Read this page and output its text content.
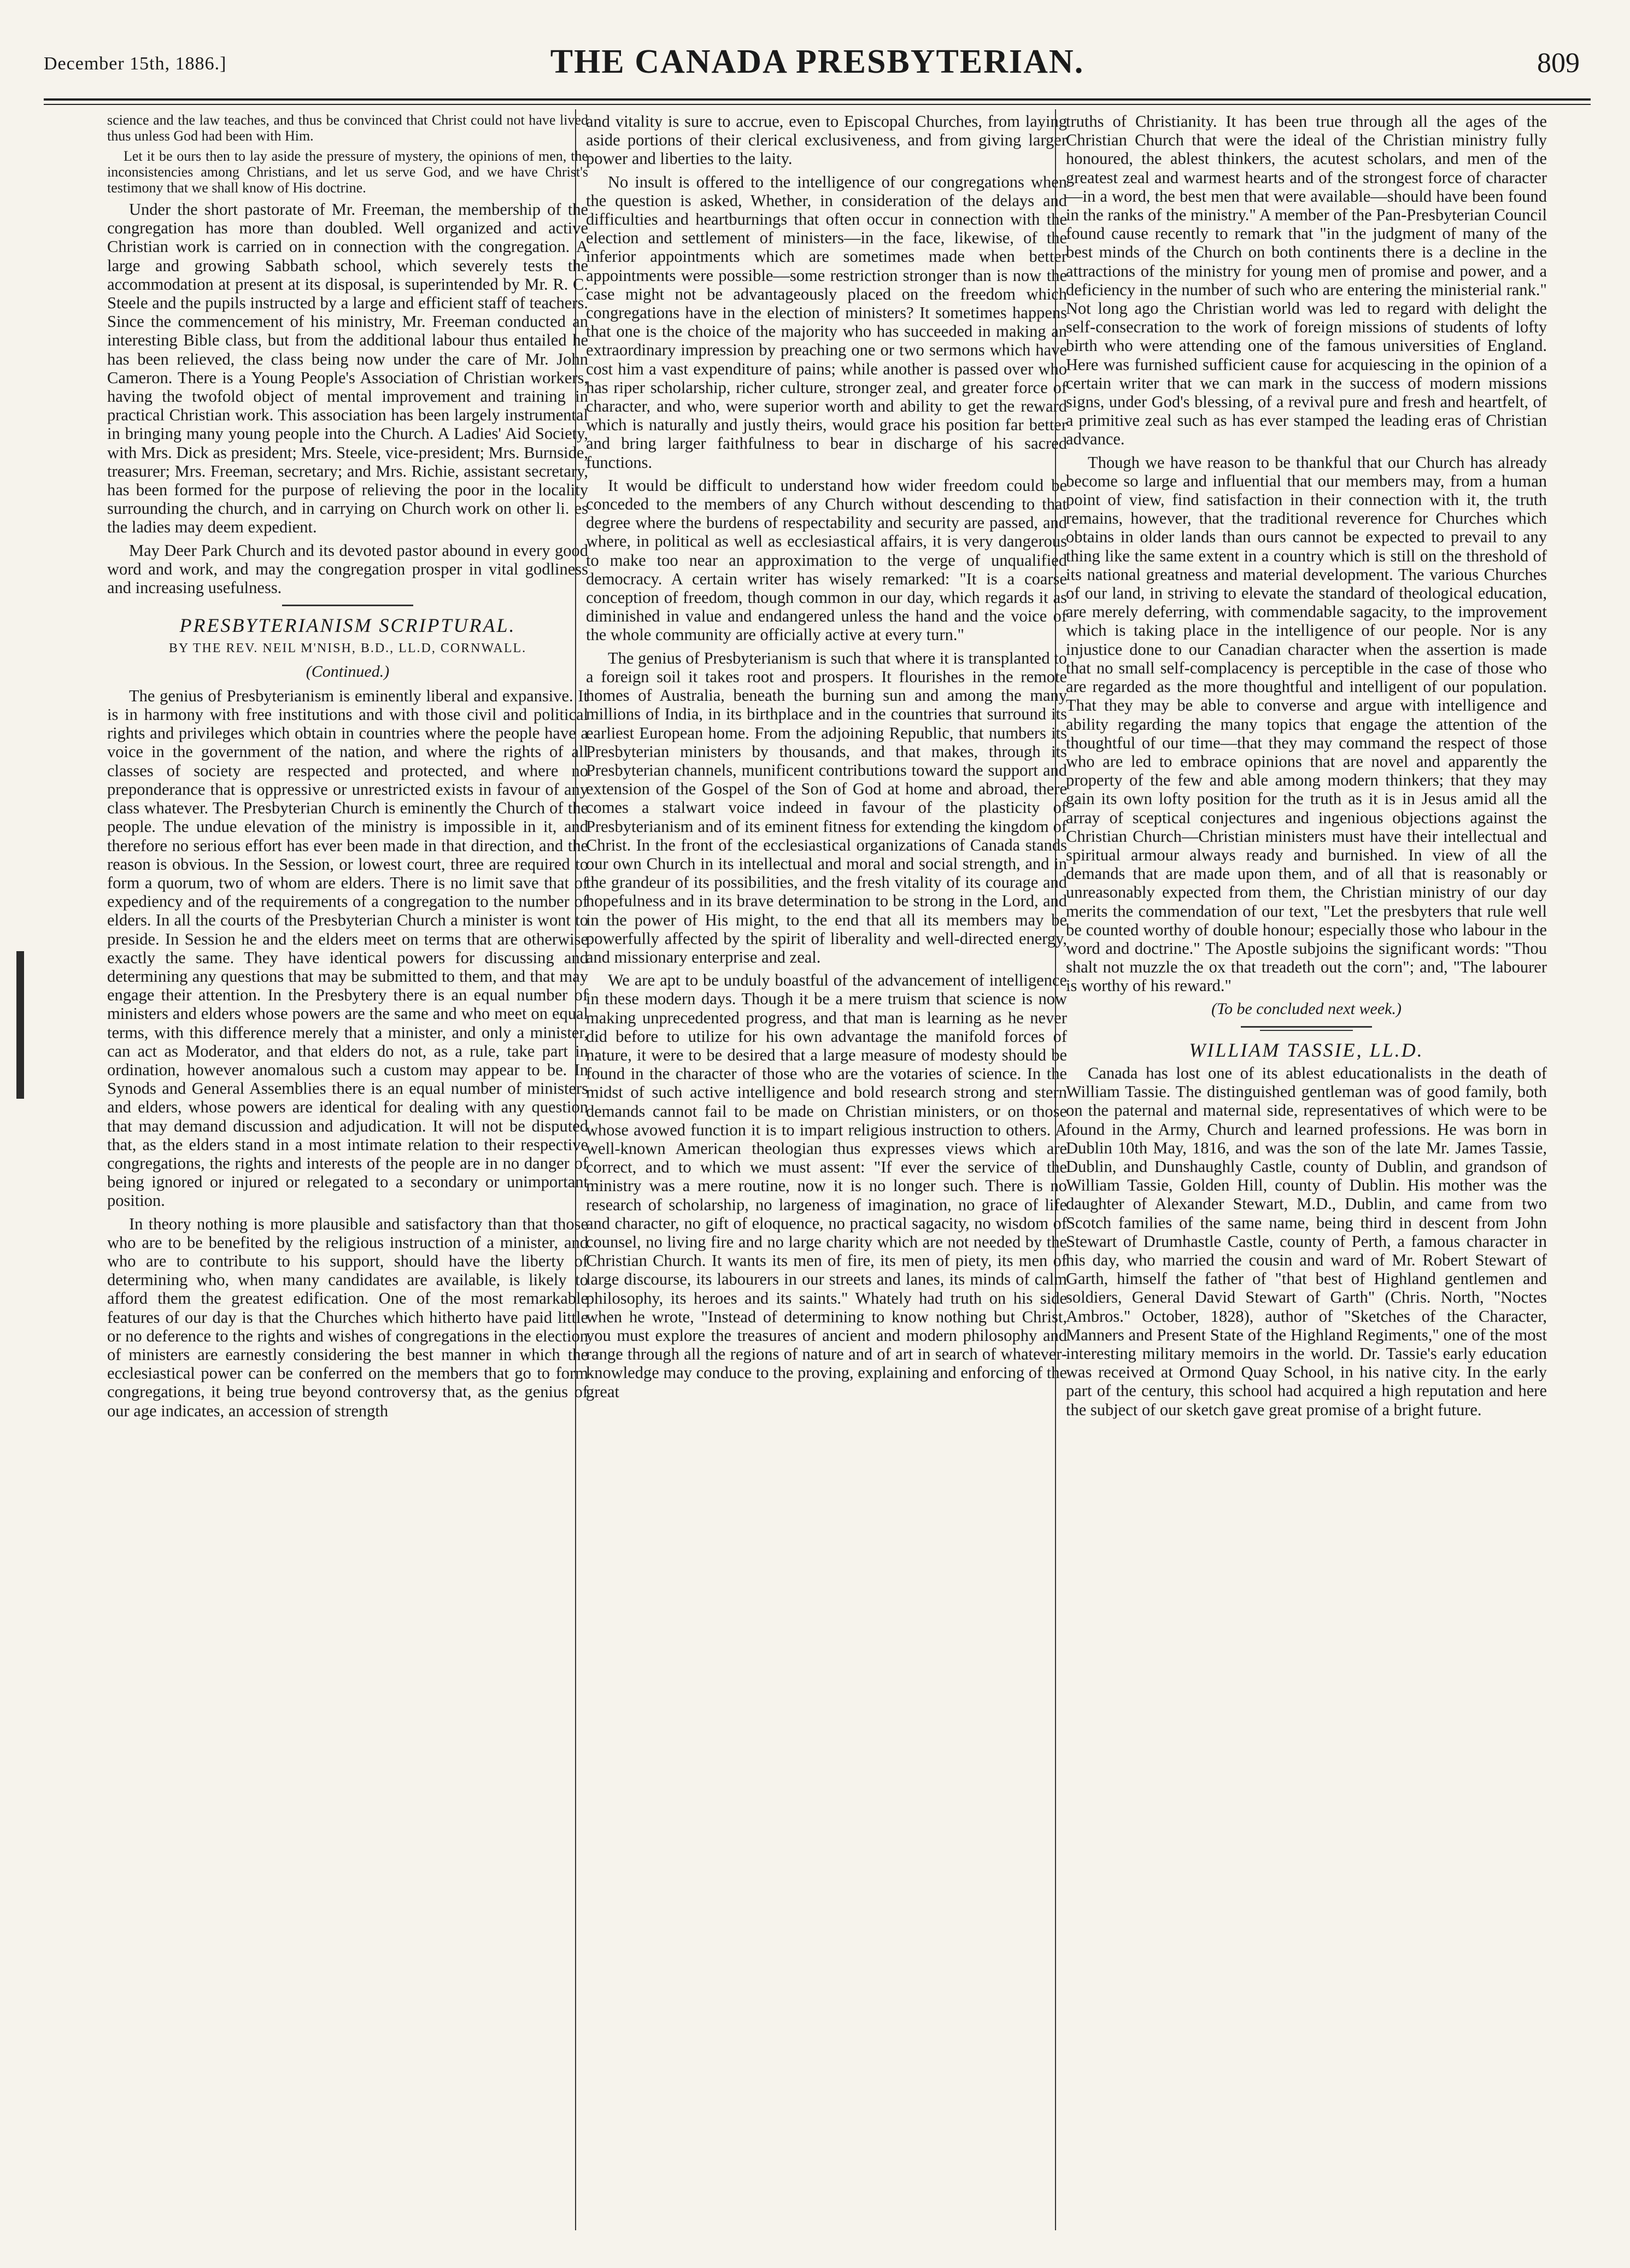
December 15th, 1886.]	THE CANADA PRESBYTERIAN.	809

science and the law teaches, and thus be convinced that Christ could not have lived thus unless God had been with Him.

Let it be ours then to lay aside the pressure of mystery, the opinions of men, the inconsistencies among Christians, and let us serve God, and we have Christ's testimony that we shall know of His doctrine.

Under the short pastorate of Mr. Freeman, the membership of the congregation has more than doubled. Well organized and active Christian work is carried on in connection with the congregation. A large and growing Sabbath school, which severely tests the accommodation at present at its disposal, is superintended by Mr. R. C. Steele and the pupils instructed by a large and efficient staff of teachers. Since the commencement of his ministry, Mr. Freeman conducted an interesting Bible class, but from the additional labour thus entailed he has been relieved, the class being now under the care of Mr. John Cameron. There is a Young People's Association of Christian workers, having the twofold object of mental improvement and training in practical Christian work. This association has been largely instrumental in bringing many young people into the Church. A Ladies' Aid Society, with Mrs. Dick as president; Mrs. Steele, vice-president; Mrs. Burnside, treasurer; Mrs. Freeman, secretary; and Mrs. Richie, assistant secretary, has been formed for the purpose of relieving the poor in the locality surrounding the church, and in carrying on Church work on other li. es the ladies may deem expedient.

May Deer Park Church and its devoted pastor abound in every good word and work, and may the congregation prosper in vital godliness and increasing usefulness.

PRESBYTERIANISM SCRIPTURAL.
BY THE REV. NEIL M'NISH, B.D., LL.D, CORNWALL.
(Continued.)

The genius of Presbyterianism is eminently liberal and expansive. It is in harmony with free institutions and with those civil and political rights and privileges which obtain in countries where the people have a voice in the government of the nation, and where the rights of all classes of society are respected and protected, and where no preponderance that is oppressive or unrestricted exists in favour of any class whatever. The Presbyterian Church is eminently the Church of the people. The undue elevation of the ministry is impossible in it, and therefore no serious effort has ever been made in that direction, and the reason is obvious. In the Session, or lowest court, three are required to form a quorum, two of whom are elders. There is no limit save that of expediency and of the requirements of a congregation to the number of elders. In all the courts of the Presbyterian Church a minister is wont to preside. In Session he and the elders meet on terms that are otherwise exactly the same. They have identical powers for discussing and determining any questions that may be submitted to them, and that may engage their attention. In the Presbytery there is an equal number of ministers and elders whose powers are the same and who meet on equal terms, with this difference merely that a minister, and only a minister, can act as Moderator, and that elders do not, as a rule, take part in ordination, however anomalous such a custom may appear to be. In Synods and General Assemblies there is an equal number of ministers and elders, whose powers are identical for dealing with any question that may demand discussion and adjudication. It will not be disputed that, as the elders stand in a most intimate relation to their respective congregations, the rights and interests of the people are in no danger of being ignored or injured or relegated to a secondary or unimportant position.

In theory nothing is more plausible and satisfactory than that those who are to be benefited by the religious instruction of a minister, and who are to contribute to his support, should have the liberty of determining who, when many candidates are available, is likely to afford them the greatest edification. One of the most remarkable features of our day is that the Churches which hitherto have paid little or no deference to the rights and wishes of congregations in the election of ministers are earnestly considering the best manner in which the ecclesiastical power can be conferred on the members that go to form congregations, it being true beyond controversy that, as the genius of our age indicates, an accession of strength

and vitality is sure to accrue, even to Episcopal Churches, from laying aside portions of their clerical exclusiveness, and from giving larger power and liberties to the laity.

No insult is offered to the intelligence of our congregations when the question is asked, Whether, in consideration of the delays and difficulties and heartburnings that often occur in connection with the election and settlement of ministers—in the face, likewise, of the inferior appointments which are sometimes made when better appointments were possible—some restriction stronger than is now the case might not be advantageously placed on the freedom which congregations have in the election of ministers? It sometimes happens that one is the choice of the majority who has succeeded in making an extraordinary impression by preaching one or two sermons which have cost him a vast expenditure of pains; while another is passed over who has riper scholarship, richer culture, stronger zeal, and greater force of character, and who, were superior worth and ability to get the reward which is naturally and justly theirs, would grace his position far better and bring larger faithfulness to bear in discharge of his sacred functions.

It would be difficult to understand how wider freedom could be conceded to the members of any Church without descending to that degree where the burdens of respectability and security are passed, and where, in political as well as ecclesiastical affairs, it is very dangerous to make too near an approximation to the verge of unqualified democracy. A certain writer has wisely remarked: "It is a coarse conception of freedom, though common in our day, which regards it as diminished in value and endangered unless the hand and the voice of the whole community are officially active at every turn."

The genius of Presbyterianism is such that where it is transplanted to a foreign soil it takes root and prospers. It flourishes in the remote homes of Australia, beneath the burning sun and among the many millions of India, in its birthplace and in the countries that surround its earliest European home. From the adjoining Republic, that numbers its Presbyterian ministers by thousands, and that makes, through its Presbyterian channels, munificent contributions toward the support and extension of the Gospel of the Son of God at home and abroad, there comes a stalwart voice indeed in favour of the plasticity of Presbyterianism and of its eminent fitness for extending the kingdom of Christ. In the front of the ecclesiastical organizations of Canada stands our own Church in its intellectual and moral and social strength, and in the grandeur of its possibilities, and the fresh vitality of its courage and hopefulness and in its brave determination to be strong in the Lord, and in the power of His might, to the end that all its members may be powerfully affected by the spirit of liberality and well-directed energy, and missionary enterprise and zeal.

We are apt to be unduly boastful of the advancement of intelligence in these modern days. Though it be a mere truism that science is now making unprecedented progress, and that man is learning as he never did before to utilize for his own advantage the manifold forces of nature, it were to be desired that a large measure of modesty should be found in the character of those who are the votaries of science. In the midst of such active intelligence and bold research strong and stern demands cannot fail to be made on Christian ministers, or on those whose avowed function it is to impart religious instruction to others. A well-known American theologian thus expresses views which are correct, and to which we must assent: "If ever the service of the ministry was a mere routine, now it is no longer such. There is no research of scholarship, no largeness of imagination, no grace of life and character, no gift of eloquence, no practical sagacity, no wisdom of counsel, no living fire and no large charity which are not needed by the Christian Church. It wants its men of fire, its men of piety, its men of large discourse, its labourers in our streets and lanes, its minds of calm philosophy, its heroes and its saints." Whately had truth on his side when he wrote, "Instead of determining to know nothing but Christ, you must explore the treasures of ancient and modern philosophy and range through all the regions of nature and of art in search of whatever-knowledge may conduce to the proving, explaining and enforcing of the great

truths of Christianity. It has been true through all the ages of the Christian Church that were the ideal of the Christian ministry fully honoured, the ablest thinkers, the acutest scholars, and men of the greatest zeal and warmest hearts and of the strongest force of character—in a word, the best men that were available—should have been found in the ranks of the ministry." A member of the Pan-Presbyterian Council found cause recently to remark that "in the judgment of many of the best minds of the Church on both continents there is a decline in the attractions of the ministry for young men of promise and power, and a deficiency in the number of such who are entering the ministerial rank." Not long ago the Christian world was led to regard with delight the self-consecration to the work of foreign missions of students of lofty birth who were attending one of the famous universities of England. Here was furnished sufficient cause for acquiescing in the opinion of a certain writer that we can mark in the success of modern missions signs, under God's blessing, of a revival pure and fresh and heartfelt, of a primitive zeal such as has ever stamped the leading eras of Christian advance.

Though we have reason to be thankful that our Church has already become so large and influential that our members may, from a human point of view, find satisfaction in their connection with it, the truth remains, however, that the traditional reverence for Churches which obtains in older lands than ours cannot be expected to prevail to any thing like the same extent in a country which is still on the threshold of its national greatness and material development. The various Churches of our land, in striving to elevate the standard of theological education, are merely deferring, with commendable sagacity, to the improvement which is taking place in the intelligence of our people. Nor is any injustice done to our Canadian character when the assertion is made that no small self-complacency is perceptible in the case of those who are regarded as the more thoughtful and intelligent of our population. That they may be able to converse and argue with intelligence and ability regarding the many topics that engage the attention of the thoughtful of our time—that they may command the respect of those who are led to embrace opinions that are novel and apparently the property of the few and able among modern thinkers; that they may gain its own lofty position for the truth as it is in Jesus amid all the array of sceptical conjectures and ingenious objections against the Christian Church—Christian ministers must have their intellectual and spiritual armour always ready and burnished. In view of all the demands that are made upon them, and of all that is reasonably or unreasonably expected from them, the Christian ministry of our day merits the commendation of our text, "Let the presbyters that rule well be counted worthy of double honour; especially those who labour in the word and doctrine." The Apostle subjoins the significant words: "Thou shalt not muzzle the ox that treadeth out the corn"; and, "The labourer is worthy of his reward."

(To be concluded next week.)
WILLIAM TASSIE, LL.D.

Canada has lost one of its ablest educationalists in the death of William Tassie. The distinguished gentleman was of good family, both on the paternal and maternal side, representatives of which were to be found in the Army, Church and learned professions. He was born in Dublin 10th May, 1816, and was the son of the late Mr. James Tassie, Dublin, and Dunshaughly Castle, county of Dublin, and grandson of William Tassie, Golden Hill, county of Dublin. His mother was the daughter of Alexander Stewart, M.D., Dublin, and came from two Scotch families of the same name, being third in descent from John Stewart of Drumhastle Castle, county of Perth, a famous character in his day, who married the cousin and ward of Mr. Robert Stewart of Garth, himself the father of "that best of Highland gentlemen and soldiers, General David Stewart of Garth" (Chris. North, "Noctes Ambros." October, 1828), author of "Sketches of the Character, Manners and Present State of the Highland Regiments," one of the most interesting military memoirs in the world. Dr. Tassie's early education was received at Ormond Quay School, in his native city. In the early part of the century, this school had acquired a high reputation and here the subject of our sketch gave great promise of a bright future.
